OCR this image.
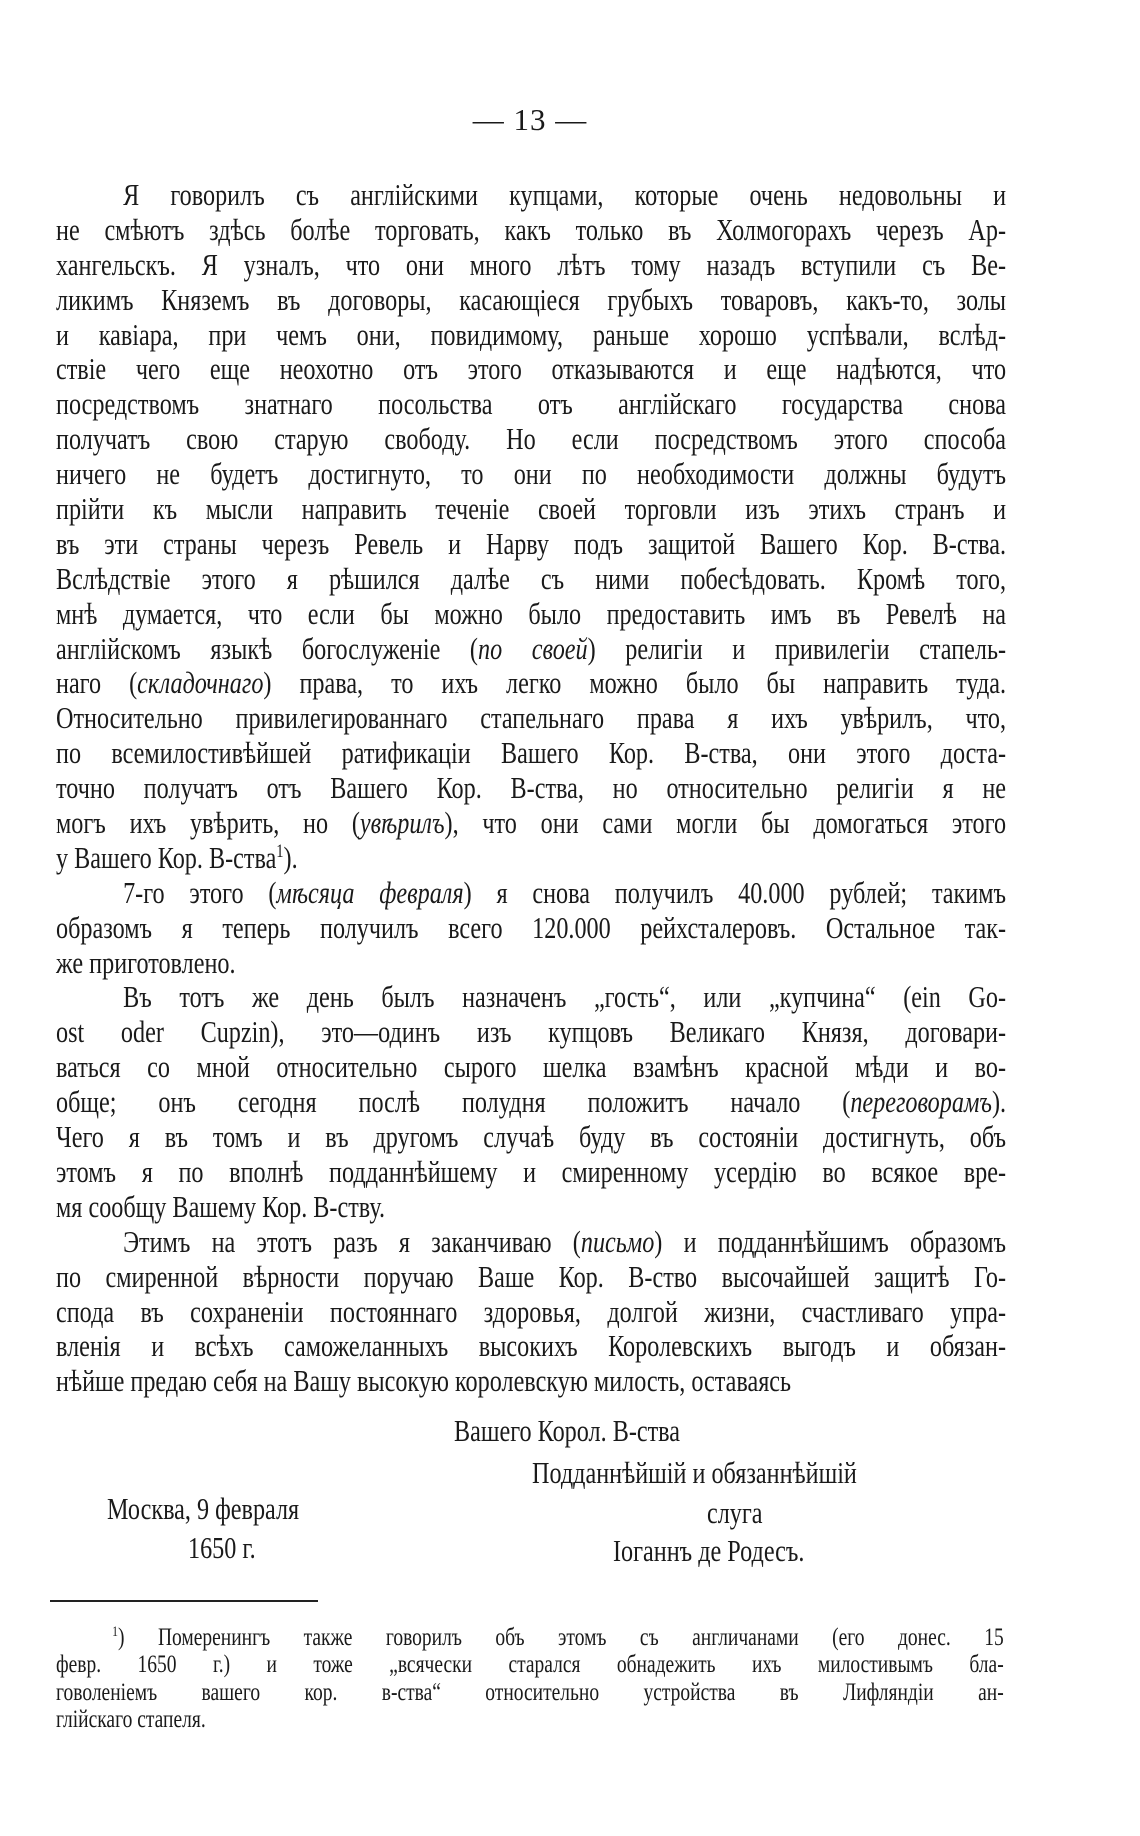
— 13 —
Я говорилъ съ англійскими купцами, которые очень недовольны и
не смѣютъ здѣсь болѣе торговать, какъ только въ Холмогорахъ черезъ Ар-
хангельскъ. Я узналъ, что они много лѣтъ тому назадъ вступили съ Ве-
ликимъ Княземъ въ договоры, касающіеся грубыхъ товаровъ, какъ-то, золы
и кавіара, при чемъ они, повидимому, раньше хорошо успѣвали, вслѣд-
ствіе чего еще неохотно отъ этого отказываются и еще надѣются, что
посредствомъ знатнаго посольства отъ англійскаго государства снова
получатъ свою старую свободу. Но если посредствомъ этого способа
ничего не будетъ достигнуто, то они по необходимости должны будутъ
прійти къ мысли направить теченіе своей торговли изъ этихъ странъ и
въ эти страны черезъ Ревель и Нарву подъ защитой Вашего Кор. В-ства.
Вслѣдствіе этого я рѣшился далѣе съ ними побесѣдовать. Кромѣ того,
мнѣ думается, что если бы можно было предоставить имъ въ Ревелѣ на
англійскомъ языкѣ богослуженіе (по своей) религіи и привилегіи стапель-
наго (складочнаго) права, то ихъ легко можно было бы направить туда.
Относительно привилегированнаго стапельнаго права я ихъ увѣрилъ, что,
по всемилостивѣйшей ратификаціи Вашего Кор. В-ства, они этого доста-
точно получатъ отъ Вашего Кор. В-ства, но относительно религіи я не
могъ ихъ увѣрить, но (увѣрилъ), что они сами могли бы домогаться этого
у Вашего Кор. В-ства$^1$).
7-го этого (мѣсяца февраля) я снова получилъ 40.000 рублей; такимъ
образомъ я теперь получилъ всего 120.000 рейхсталеровъ. Остальное так-
же приготовлено.
Въ тотъ же день былъ назначенъ „гость“, или „купчина“ (ein Go-
ost oder Cupzin), это—одинъ изъ купцовъ Великаго Князя, договари-
ваться со мной относительно сырого шелка взамѣнъ красной мѣди и во-
обще; онъ сегодня послѣ полудня положитъ начало (переговорамъ).
Чего я въ томъ и въ другомъ случаѣ буду въ состояніи достигнуть, объ
этомъ я по вполнѣ подданнѣйшему и смиренному усердію во всякое вре-
мя сообщу Вашему Кор. В-ству.
Этимъ на этотъ разъ я заканчиваю (письмо) и подданнѣйшимъ образомъ
по смиренной вѣрности поручаю Ваше Кор. В-ство высочайшей защитѣ Го-
спода въ сохраненіи постояннаго здоровья, долгой жизни, счастливаго упра-
вленія и всѣхъ саможеланныхъ высокихъ Королевскихъ выгодъ и обязан-
нѣйше предаю себя на Вашу высокую королевскую милость, оставаясь
Вашего Корол. В-ства
Подданнѣйшій и обязаннѣйшій
слуга
Іоганнъ де Родесъ.
Москва, 9 февраля
1650 г.
$^1$) Померенингъ также говорилъ объ этомъ съ англичанами (его донес. 15
февр. 1650 г.) и тоже „всячески старался обнадежить ихъ милостивымъ бла-
говоленіемъ вашего кор. в-ства“ относительно устройства въ Лифляндіи ан-
глійскаго стапеля.
